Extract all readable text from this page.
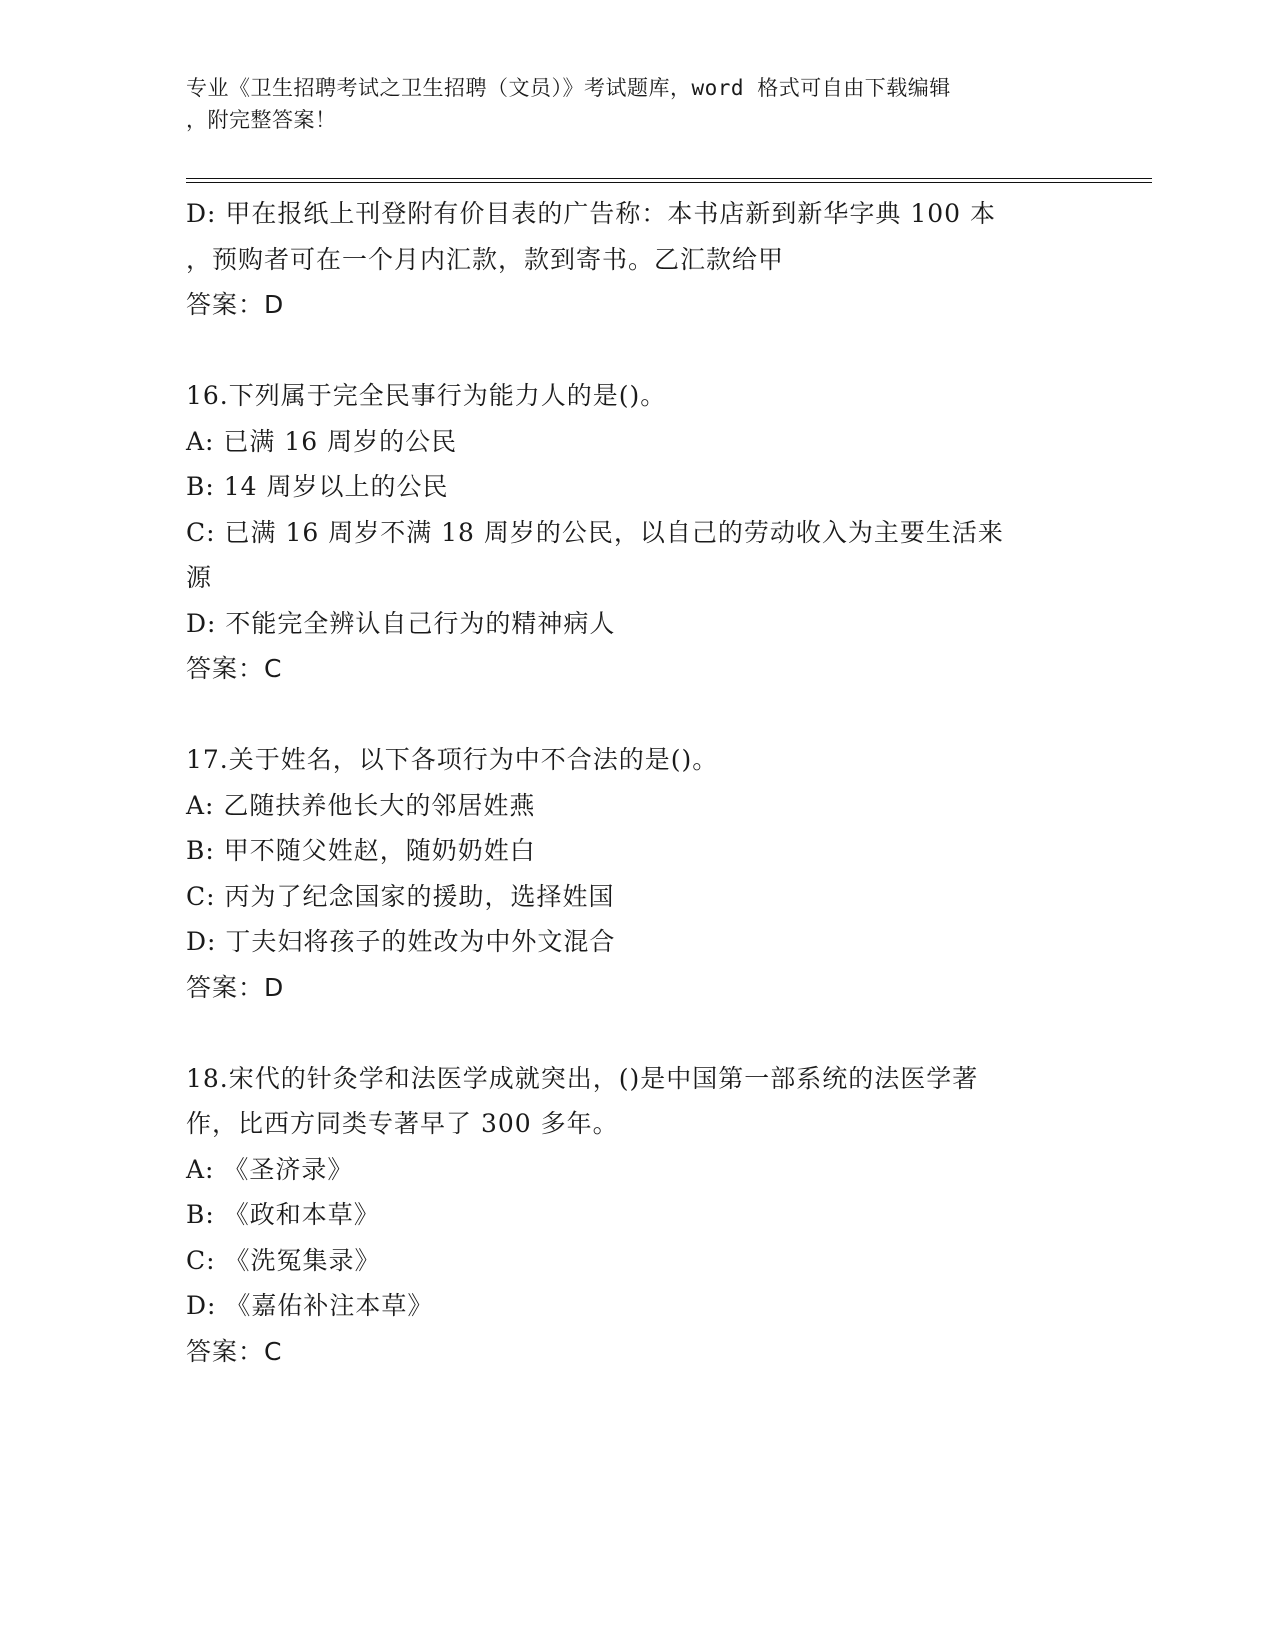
专业《卫生招聘考试之卫生招聘（文员）》考试题库，word 格式可自由下载编辑
，附完整答案！
D: 甲在报纸上刊登附有价目表的广告称：本书店新到新华字典 100 本
，预购者可在一个月内汇款，款到寄书。乙汇款给甲
答案：D
16.下列属于完全民事行为能力人的是()。
A: 已满 16 周岁的公民
B: 14 周岁以上的公民
C: 已满 16 周岁不满 18 周岁的公民，以自己的劳动收入为主要生活来
源
D: 不能完全辨认自己行为的精神病人
答案：C
17.关于姓名，以下各项行为中不合法的是()。
A: 乙随扶养他长大的邻居姓燕
B: 甲不随父姓赵，随奶奶姓白
C: 丙为了纪念国家的援助，选择姓国
D: 丁夫妇将孩子的姓改为中外文混合
答案：D
18.宋代的针灸学和法医学成就突出，()是中国第一部系统的法医学著
作，比西方同类专著早了 300 多年。
A: 《圣济录》
B: 《政和本草》
C: 《洗冤集录》
D: 《嘉佑补注本草》
答案：C
